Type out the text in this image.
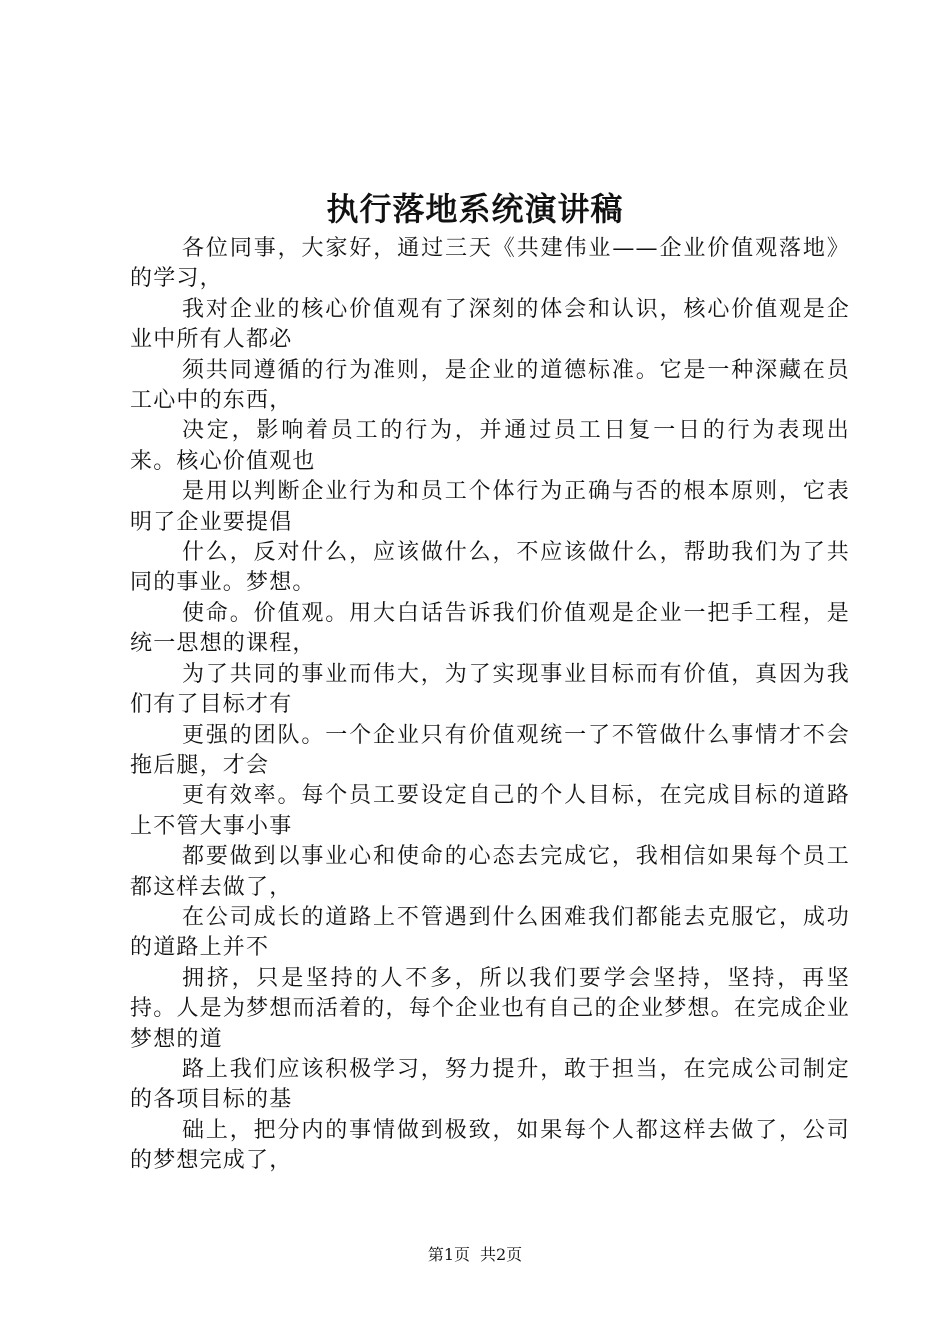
执行落地系统演讲稿

各位同事，大家好，通过三天《共建伟业——企业价值观落地》的学习，

我对企业的核心价值观有了深刻的体会和认识，核心价值观是企业中所有人都必

须共同遵循的行为准则，是企业的道德标准。它是一种深藏在员工心中的东西，

决定，影响着员工的行为，并通过员工日复一日的行为表现出来。核心价值观也

是用以判断企业行为和员工个体行为正确与否的根本原则，它表明了企业要提倡

什么，反对什么，应该做什么，不应该做什么，帮助我们为了共同的事业。梦想。

使命。价值观。用大白话告诉我们价值观是企业一把手工程，是统一思想的课程，

为了共同的事业而伟大，为了实现事业目标而有价值，真因为我们有了目标才有

更强的团队。一个企业只有价值观统一了不管做什么事情才不会拖后腿，才会

更有效率。每个员工要设定自己的个人目标，在完成目标的道路上不管大事小事

都要做到以事业心和使命的心态去完成它，我相信如果每个员工都这样去做了，

在公司成长的道路上不管遇到什么困难我们都能去克服它，成功的道路上并不

拥挤，只是坚持的人不多，所以我们要学会坚持，坚持，再坚持。人是为梦想而活着的，每个企业也有自己的企业梦想。在完成企业梦想的道

路上我们应该积极学习，努力提升，敢于担当，在完成公司制定的各项目标的基

础上，把分内的事情做到极致，如果每个人都这样去做了，公司的梦想完成了，

第1页 共2页
